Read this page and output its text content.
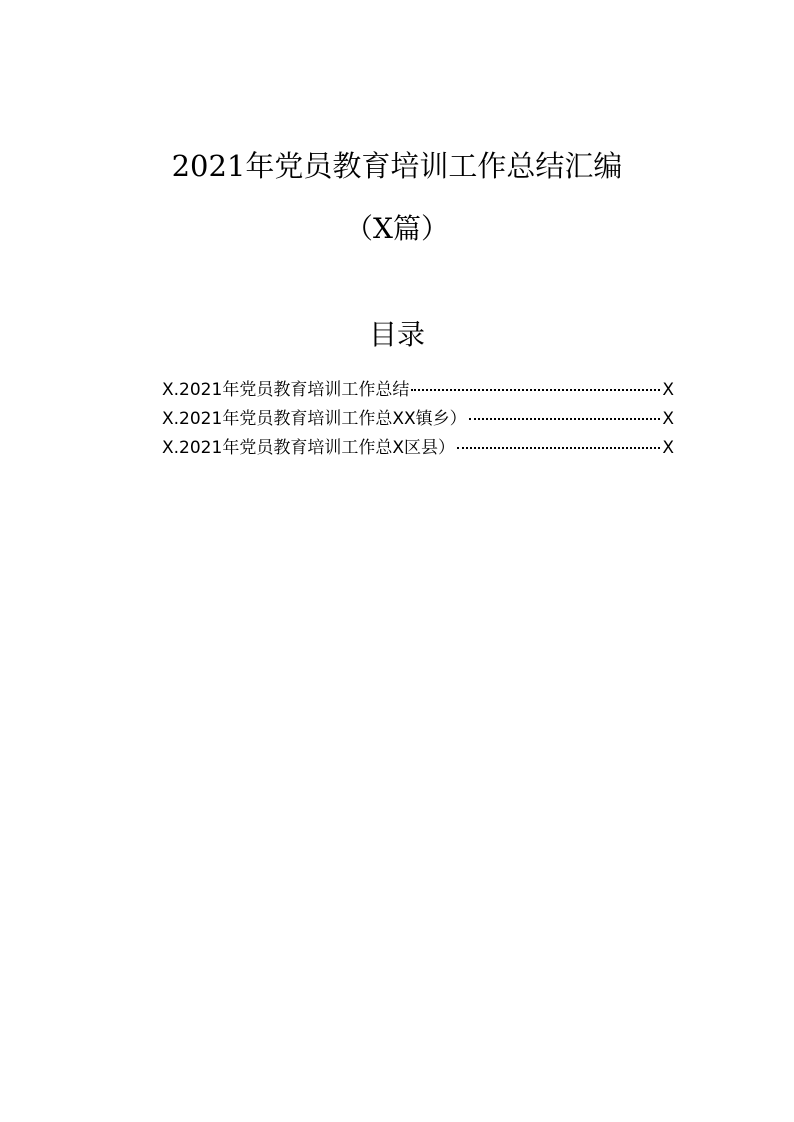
2021年党员教育培训工作总结汇编
（X篇）
目录
X.2021年党员教育培训工作总结	X
X.2021年党员教育培训工作总XX镇乡）	X
X.2021年党员教育培训工作总X区县）	X
